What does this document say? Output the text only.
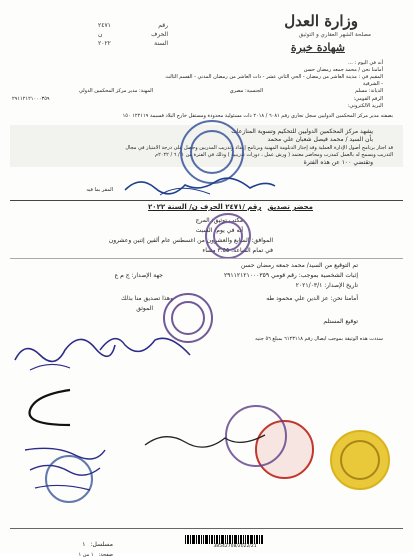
وزارة العدل
مصلحة الشهر العقاري و التوثيق
شهادة خبرة
رقم
٢٤٧١
الحرف
ن
السنة
٢٠٢٢
أنه في اليوم : ...
أمامنا نحن / محمد جمعه رمضان حسن
المقيم في : مدينة العاشر من رمضان - الحي الثاني عشر - ذات العاشر من رمضان المدني - القسم الثالث
- الشرقية
المهنة: مدير مركز المحكمين الدولي	الجنسية: مصري	الديانة: مسلم
٢٩١١٢١٢١٠٠٠٣٥٩	الرقم القومي:
البريد الالكتروني:
بصفته مدير مركز المحكمين الدوليين سجل تجاري رقم ٦٠٨١ / ٢٠١٨ ذات مسئولية محدودة ومستقل خارج البلاد قسيمة ١٢٢١١٩ ١٥٠
يشهد مركز المحكمين الدوليين للتحكيم وتسوية المنازعات
بأن السيد / محمد فيصل شعبان علي محمد
قد اجتاز برنامج أصول الإدارة العملية وقد إجتاز الدبلومة المهنية وبرنامج إعداد وتدريب المدربين وحصل على درجة الامتياز في مجال
التدريب ويسمح له بالعمل كمدرب ومحاضر معتمد ( ورش عمل ، دورات تدريبية ) وذلك في الفترة من ١ / ٦ / ٢٠٢٢م
وتقتضي ١٠٠ عن هذه الفترة
المقر بما فيه
محضر تصديق
رقم /٢٤٧١ الحرف ن/ السنة ٢٠٢٢
مكتب توثيق: المرج
أنه في يوم: السبت
الموافق: السابع والعشرون من اغسطس عام ألفين إثنين وعشرون
في تمام الساعة: ٣:٥٥ مساء
تم التوقيع من السيد/ محمد جمعه رمضان حسن
إثبات الشخصية بموجب: رقم قومي ٢٩١١٢١٢١٠٠٠٣٥٩
جهة الإصدار: ج م ع
تاريخ الإصدار: ٢٠٢١/٠٣/١
أمامنا نحن: عز الدين علي محمود طه
وهذا تصديق منا بذلك
الموثق
توقيع المستلم
سددت هذه الوثيقة بموجب ايصال رقم ٦١٢٣١١٨ بمبلغ ٥٦ جنيه
مسلسل: ١
صفحة: ١ من ١
38542708/2022/21
